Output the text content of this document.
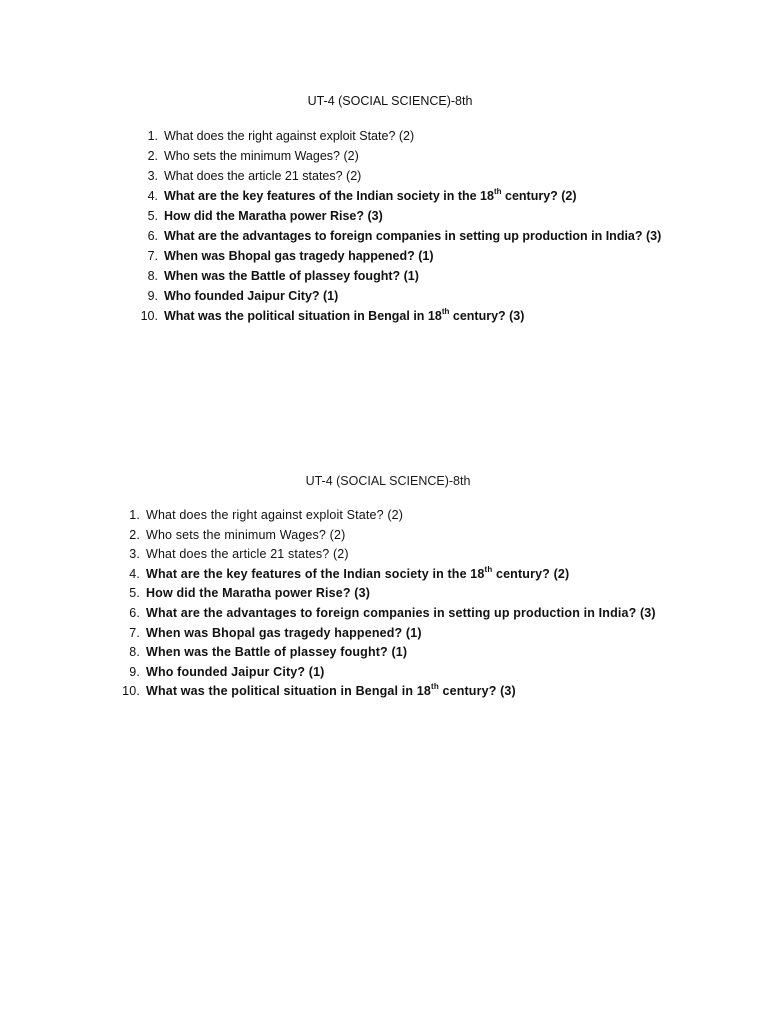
UT-4 (SOCIAL SCIENCE)-8th

1. What does the right against exploit State? (2)
2. Who sets the minimum Wages? (2)
3. What does the article 21 states? (2)
4. What are the key features of the Indian society in the 18th century? (2)
5. How did the Maratha power Rise? (3)
6. What are the advantages to foreign companies in setting up production in India? (3)
7. When was Bhopal gas tragedy happened? (1)
8. When was the Battle of plassey fought? (1)
9. Who founded Jaipur City? (1)
10. What was the political situation in Bengal in 18th century? (3)

UT-4 (SOCIAL SCIENCE)-8th

1. What does the right against exploit State? (2)
2. Who sets the minimum Wages? (2)
3. What does the article 21 states? (2)
4. What are the key features of the Indian society in the 18th century? (2)
5. How did the Maratha power Rise? (3)
6. What are the advantages to foreign companies in setting up production in India? (3)
7. When was Bhopal gas tragedy happened? (1)
8. When was the Battle of plassey fought? (1)
9. Who founded Jaipur City? (1)
10. What was the political situation in Bengal in 18th century? (3)
